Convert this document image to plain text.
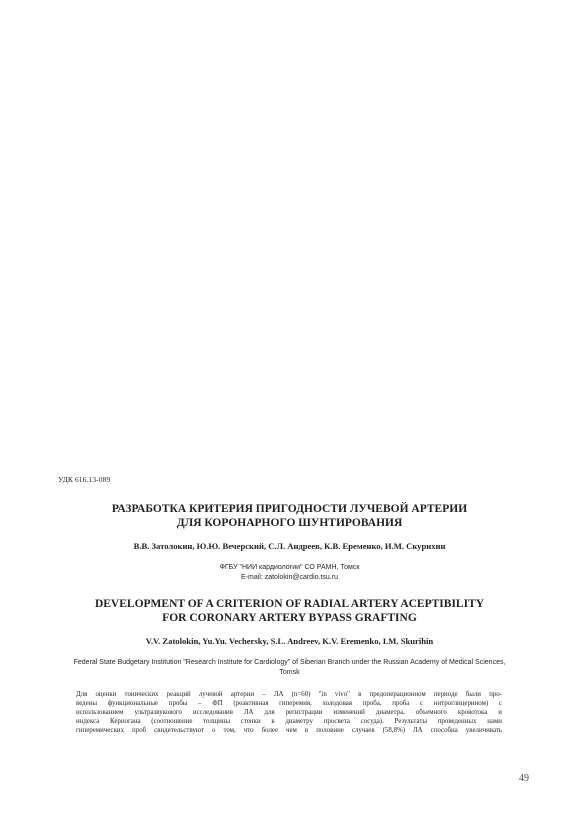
УДК 616.13-089
РАЗРАБОТКА КРИТЕРИЯ ПРИГОДНОСТИ ЛУЧЕВОЙ АРТЕРИИ
ДЛЯ КОРОНАРНОГО ШУНТИРОВАНИЯ
В.В. Затолокин, Ю.Ю. Вечерский, С.Л. Андреев, К.В. Еременко, И.М. Скурихин
ФГБУ "НИИ кардиологии" СО РАМН, Томск
E-mail: zatolokin@cardio.tsu.ru
DEVELOPMENT OF A CRITERION OF RADIAL ARTERY ACEPTIBILITY
FOR CORONARY ARTERY BYPASS GRAFTING
V.V. Zatolokin, Yu.Yu. Vechersky, S.L. Andreev, K.V. Eremenko, I.M. Skurihin
Federal State Budgetary Institution "Research Institute for Cardiology" of Siberian Branch under the Russian Academy of Medical Sciences,
Tomsk
Для оценки тонических реакций лучевой артерии – ЛА (n=60) "in vivo" в предоперационном периоде были про-
ведены функциональные пробы – ФП (реактивная гиперемия, холодовая проба, проба с нитроглицерином) с
использованием ультразвукового исследования ЛА для регистрации изменений диаметра, объемного кровотока и
индекса Керногана (соотношение толщины стенки к диаметру просвета сосуда). Результаты проведенных нами
гиперемических проб свидетельствуют о том, что более чем в половине случаев (58,8%) ЛА способна увеличивать
49
